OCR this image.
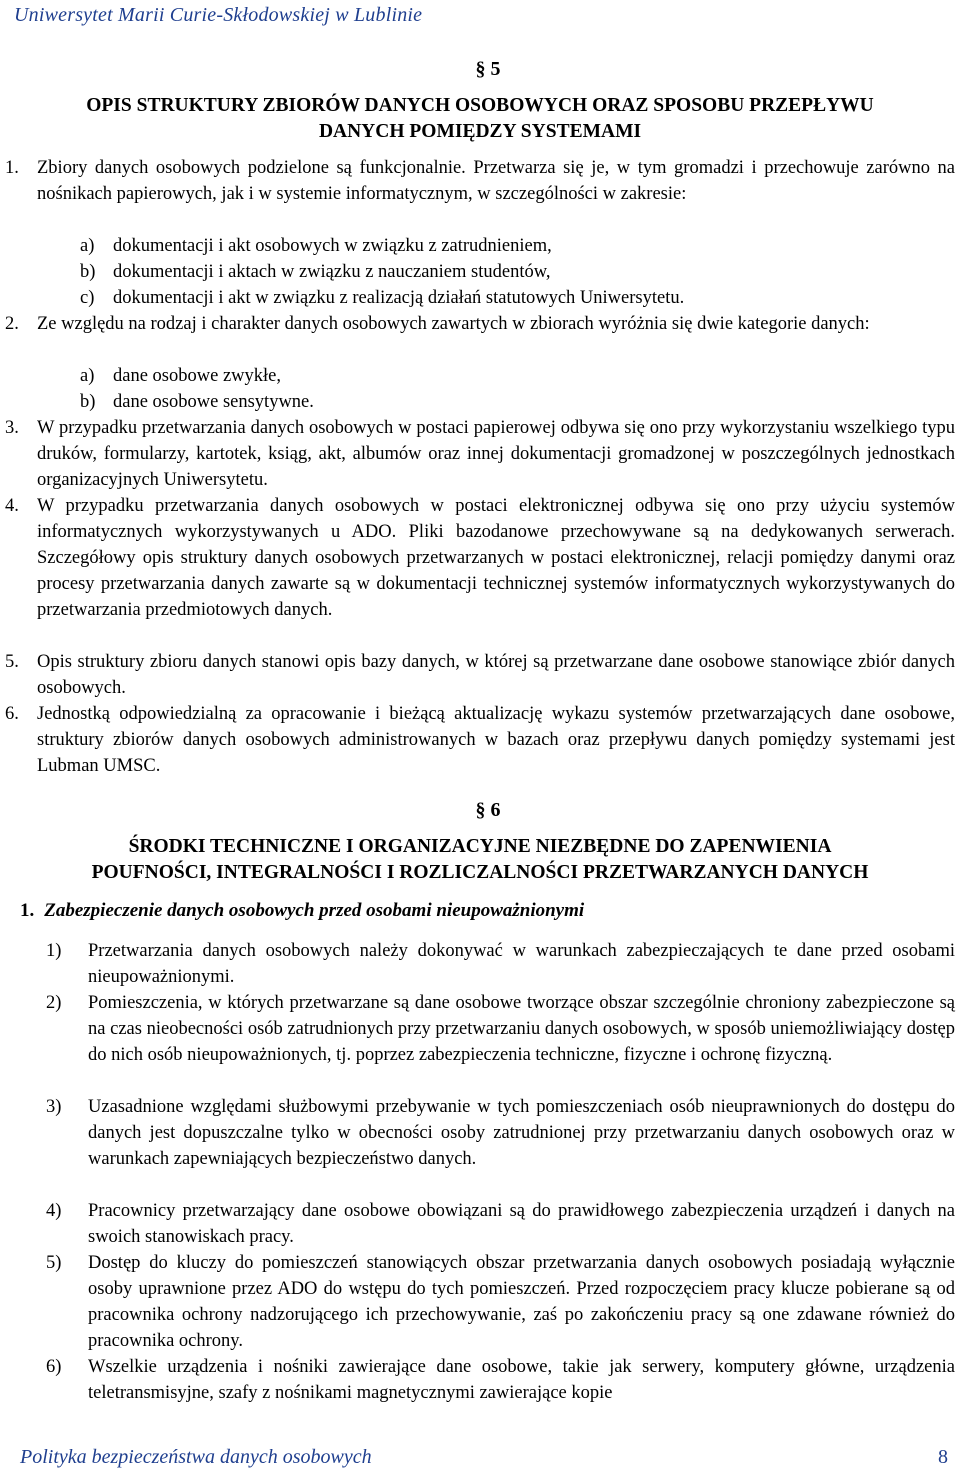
Uniwersytet Marii Curie-Skłodowskiej w Lublinie
§ 5
OPIS STRUKTURY ZBIORÓW DANYCH OSOBOWYCH ORAZ SPOSOBU PRZEPŁYWU
DANYCH POMIĘDZY SYSTEMAMI
1. Zbiory danych osobowych podzielone są funkcjonalnie. Przetwarza się je, w tym gromadzi i przechowuje zarówno na nośnikach papierowych, jak i w systemie informatycznym, w szczególności w zakresie:
a) dokumentacji i akt osobowych w związku z zatrudnieniem,
b) dokumentacji i aktach w związku z nauczaniem studentów,
c) dokumentacji i akt w związku z realizacją działań statutowych Uniwersytetu.
2. Ze względu na rodzaj i charakter danych osobowych zawartych w zbiorach wyróżnia się dwie kategorie danych:
a) dane osobowe zwykłe,
b) dane osobowe sensytywne.
3. W przypadku przetwarzania danych osobowych w postaci papierowej odbywa się ono przy wykorzystaniu wszelkiego typu druków, formularzy, kartotek, ksiąg, akt, albumów oraz innej dokumentacji gromadzonej w poszczególnych jednostkach organizacyjnych Uniwersytetu.
4. W przypadku przetwarzania danych osobowych w postaci elektronicznej odbywa się ono przy użyciu systemów informatycznych wykorzystywanych u ADO. Pliki bazodanowe przechowywane są na dedykowanych serwerach. Szczegółowy opis struktury danych osobowych przetwarzanych w postaci elektronicznej, relacji pomiędzy danymi oraz procesy przetwarzania danych zawarte są w dokumentacji technicznej systemów informatycznych wykorzystywanych do przetwarzania przedmiotowych danych.
5. Opis struktury zbioru danych stanowi opis bazy danych, w której są przetwarzane dane osobowe stanowiące zbiór danych osobowych.
6. Jednostką odpowiedzialną za opracowanie i bieżącą aktualizację wykazu systemów przetwarzających dane osobowe, struktury zbiorów danych osobowych administrowanych w bazach oraz przepływu danych pomiędzy systemami jest Lubman UMSC.
§ 6
ŚRODKI TECHNICZNE I ORGANIZACYJNE NIEZBĘDNE DO ZAPENWIENIA
POUFNOŚCI, INTEGRALNOŚCI I ROZLICZALNOŚCI PRZETWARZANYCH DANYCH
1. Zabezpieczenie danych osobowych przed osobami nieupoważnionymi
1) Przetwarzania danych osobowych należy dokonywać w warunkach zabezpieczających te dane przed osobami nieupoważnionymi.
2) Pomieszczenia, w których przetwarzane są dane osobowe tworzące obszar szczególnie chroniony zabezpieczone są na czas nieobecności osób zatrudnionych przy przetwarzaniu danych osobowych, w sposób uniemożliwiający dostęp do nich osób nieupoważnionych, tj. poprzez zabezpieczenia techniczne, fizyczne i ochronę fizyczną.
3) Uzasadnione względami służbowymi przebywanie w tych pomieszczeniach osób nieuprawnionych do dostępu do danych jest dopuszczalne tylko w obecności osoby zatrudnionej przy przetwarzaniu danych osobowych oraz w warunkach zapewniających bezpieczeństwo danych.
4) Pracownicy przetwarzający dane osobowe obowiązani są do prawidłowego zabezpieczenia urządzeń i danych na swoich stanowiskach pracy.
5) Dostęp do kluczy do pomieszczeń stanowiących obszar przetwarzania danych osobowych posiadają wyłącznie osoby uprawnione przez ADO do wstępu do tych pomieszczeń. Przed rozpoczęciem pracy klucze pobierane są od pracownika ochrony nadzorującego ich przechowywanie, zaś po zakończeniu pracy są one zdawane również do pracownika ochrony.
6) Wszelkie urządzenia i nośniki zawierające dane osobowe, takie jak serwery, komputery główne, urządzenia teletransmisyjne, szafy z nośnikami magnetycznymi zawierające kopie
Polityka bezpieczeństwa danych osobowych	8
